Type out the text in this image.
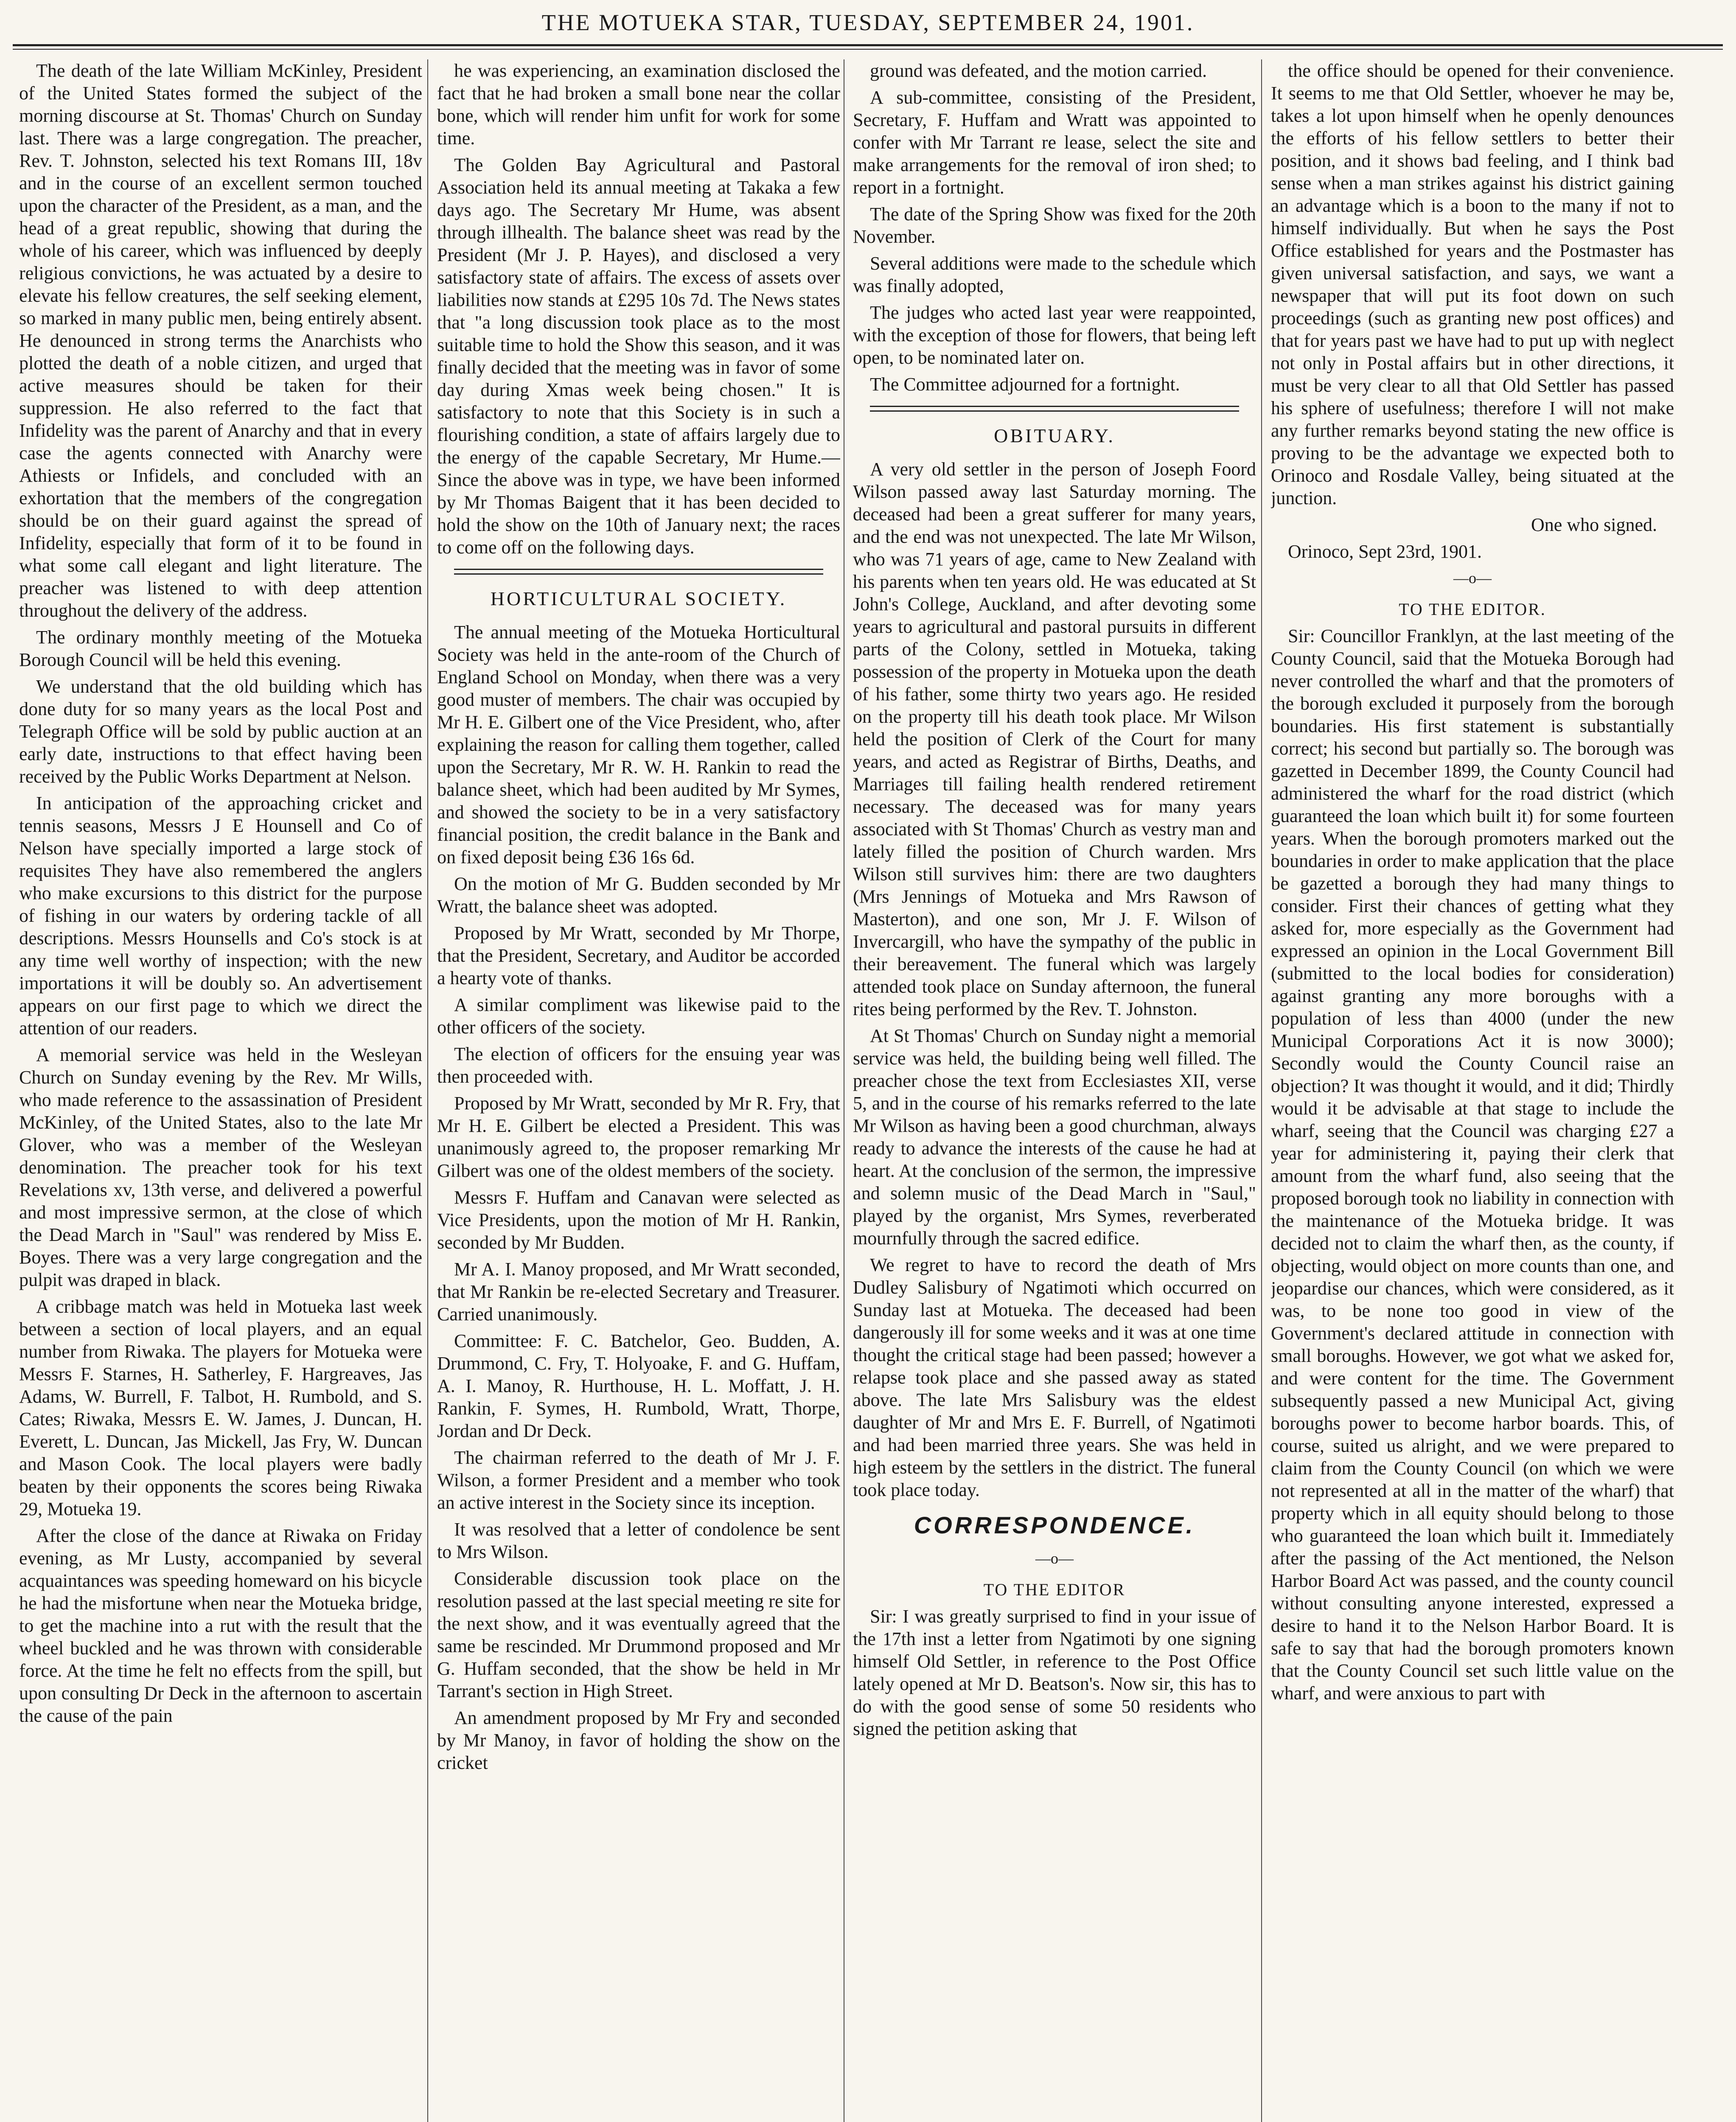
THE MOTUEKA STAR, TUESDAY, SEPTEMBER 24, 1901.

The death of the late William McKinley, President of the United States formed the subject of the morning discourse at St. Thomas' Church on Sunday last. There was a large congregation. The preacher, Rev. T. Johnston, selected his text Romans III, 18v and in the course of an excellent sermon touched upon the character of the President, as a man, and the head of a great republic, showing that during the whole of his career, which was influenced by deeply religious convictions, he was actuated by a desire to elevate his fellow creatures, the self seeking element, so marked in many public men, being entirely absent. He denounced in strong terms the Anarchists who plotted the death of a noble citizen, and urged that active measures should be taken for their suppression. He also referred to the fact that Infidelity was the parent of Anarchy and that in every case the agents connected with Anarchy were Athiests or Infidels, and concluded with an exhortation that the members of the congregation should be on their guard against the spread of Infidelity, especially that form of it to be found in what some call elegant and light literature. The preacher was listened to with deep attention throughout the delivery of the address.

The ordinary monthly meeting of the Motueka Borough Council will be held this evening.

We understand that the old building which has done duty for so many years as the local Post and Telegraph Office will be sold by public auction at an early date, instructions to that effect having been received by the Public Works Department at Nelson.

In anticipation of the approaching cricket and tennis seasons, Messrs J E Hounsell and Co of Nelson have specially imported a large stock of requisites They have also remembered the anglers who make excursions to this district for the purpose of fishing in our waters by ordering tackle of all descriptions. Messrs Hounsells and Co's stock is at any time well worthy of inspection; with the new importations it will be doubly so. An advertisement appears on our first page to which we direct the attention of our readers.

A memorial service was held in the Wesleyan Church on Sunday evening by the Rev. Mr Wills, who made reference to the assassination of President McKinley, of the United States, also to the late Mr Glover, who was a member of the Wesleyan denomination. The preacher took for his text Revelations xv, 13th verse, and delivered a powerful and most impressive sermon, at the close of which the Dead March in "Saul" was rendered by Miss E. Boyes. There was a very large congregation and the pulpit was draped in black.

A cribbage match was held in Motueka last week between a section of local players, and an equal number from Riwaka. The players for Motueka were Messrs F. Starnes, H. Satherley, F. Hargreaves, Jas Adams, W. Burrell, F. Talbot, H. Rumbold, and S. Cates; Riwaka, Messrs E. W. James, J. Duncan, H. Everett, L. Duncan, Jas Mickell, Jas Fry, W. Duncan and Mason Cook. The local players were badly beaten by their opponents the scores being Riwaka 29, Motueka 19.

After the close of the dance at Riwaka on Friday evening, as Mr Lusty, accompanied by several acquaintances was speeding homeward on his bicycle he had the misfortune when near the Motueka bridge, to get the machine into a rut with the result that the wheel buckled and he was thrown with considerable force. At the time he felt no effects from the spill, but upon consulting Dr Deck in the afternoon to ascertain the cause of the pain

he was experiencing, an examination disclosed the fact that he had broken a small bone near the collar bone, which will render him unfit for work for some time.

The Golden Bay Agricultural and Pastoral Association held its annual meeting at Takaka a few days ago. The Secretary Mr Hume, was absent through illhealth. The balance sheet was read by the President (Mr J. P. Hayes), and disclosed a very satisfactory state of affairs. The excess of assets over liabilities now stands at £295 10s 7d. The News states that "a long discussion took place as to the most suitable time to hold the Show this season, and it was finally decided that the meeting was in favor of some day during Xmas week being chosen." It is satisfactory to note that this Society is in such a flourishing condition, a state of affairs largely due to the energy of the capable Secretary, Mr Hume.— Since the above was in type, we have been informed by Mr Thomas Baigent that it has been decided to hold the show on the 10th of January next; the races to come off on the following days.

HORTICULTURAL SOCIETY.

The annual meeting of the Motueka Horticultural Society was held in the ante-room of the Church of England School on Monday, when there was a very good muster of members. The chair was occupied by Mr H. E. Gilbert one of the Vice President, who, after explaining the reason for calling them together, called upon the Secretary, Mr R. W. H. Rankin to read the balance sheet, which had been audited by Mr Symes, and showed the society to be in a very satisfactory financial position, the credit balance in the Bank and on fixed deposit being £36 16s 6d.

On the motion of Mr G. Budden seconded by Mr Wratt, the balance sheet was adopted.

Proposed by Mr Wratt, seconded by Mr Thorpe, that the President, Secretary, and Auditor be accorded a hearty vote of thanks.

A similar compliment was likewise paid to the other officers of the society.

The election of officers for the ensuing year was then proceeded with.

Proposed by Mr Wratt, seconded by Mr R. Fry, that Mr H. E. Gilbert be elected a President. This was unanimously agreed to, the proposer remarking Mr Gilbert was one of the oldest members of the society.

Messrs F. Huffam and Canavan were selected as Vice Presidents, upon the motion of Mr H. Rankin, seconded by Mr Budden.

Mr A. I. Manoy proposed, and Mr Wratt seconded, that Mr Rankin be re-elected Secretary and Treasurer. Carried unanimously.

Committee: F. C. Batchelor, Geo. Budden, A. Drummond, C. Fry, T. Holyoake, F. and G. Huffam, A. I. Manoy, R. Hurthouse, H. L. Moffatt, J. H. Rankin, F. Symes, H. Rumbold, Wratt, Thorpe, Jordan and Dr Deck.

The chairman referred to the death of Mr J. F. Wilson, a former President and a member who took an active interest in the Society since its inception.

It was resolved that a letter of condolence be sent to Mrs Wilson.

Considerable discussion took place on the resolution passed at the last special meeting re site for the next show, and it was eventually agreed that the same be rescinded. Mr Drummond proposed and Mr G. Huffam seconded, that the show be held in Mr Tarrant's section in High Street.

An amendment proposed by Mr Fry and seconded by Mr Manoy, in favor of holding the show on the cricket

ground was defeated, and the motion carried.

A sub-committee, consisting of the President, Secretary, F. Huffam and Wratt was appointed to confer with Mr Tarrant re lease, select the site and make arrangements for the removal of iron shed; to report in a fortnight.

The date of the Spring Show was fixed for the 20th November.

Several additions were made to the schedule which was finally adopted,

The judges who acted last year were reappointed, with the exception of those for flowers, that being left open, to be nominated later on.

The Committee adjourned for a fortnight.

OBITUARY.

A very old settler in the person of Joseph Foord Wilson passed away last Saturday morning. The deceased had been a great sufferer for many years, and the end was not unexpected. The late Mr Wilson, who was 71 years of age, came to New Zealand with his parents when ten years old. He was educated at St John's College, Auckland, and after devoting some years to agricultural and pastoral pursuits in different parts of the Colony, settled in Motueka, taking possession of the property in Motueka upon the death of his father, some thirty two years ago. He resided on the property till his death took place. Mr Wilson held the position of Clerk of the Court for many years, and acted as Registrar of Births, Deaths, and Marriages till failing health rendered retirement necessary. The deceased was for many years associated with St Thomas' Church as vestry man and lately filled the position of Church warden. Mrs Wilson still survives him: there are two daughters (Mrs Jennings of Motueka and Mrs Rawson of Masterton), and one son, Mr J. F. Wilson of Invercargill, who have the sympathy of the public in their bereavement. The funeral which was largely attended took place on Sunday afternoon, the funeral rites being performed by the Rev. T. Johnston.

At St Thomas' Church on Sunday night a memorial service was held, the building being well filled. The preacher chose the text from Ecclesiastes XII, verse 5, and in the course of his remarks referred to the late Mr Wilson as having been a good churchman, always ready to advance the interests of the cause he had at heart. At the conclusion of the sermon, the impressive and solemn music of the Dead March in "Saul," played by the organist, Mrs Symes, reverberated mournfully through the sacred edifice.

We regret to have to record the death of Mrs Dudley Salisbury of Ngatimoti which occurred on Sunday last at Motueka. The deceased had been dangerously ill for some weeks and it was at one time thought the critical stage had been passed; however a relapse took place and she passed away as stated above. The late Mrs Salisbury was the eldest daughter of Mr and Mrs E. F. Burrell, of Ngatimoti and had been married three years. She was held in high esteem by the settlers in the district. The funeral took place today.

CORRESPONDENCE.
—o—
TO THE EDITOR

Sir: I was greatly surprised to find in your issue of the 17th inst a letter from Ngatimoti by one signing himself Old Settler, in reference to the Post Office lately opened at Mr D. Beatson's. Now sir, this has to do with the good sense of some 50 residents who signed the petition asking that

the office should be opened for their convenience. It seems to me that Old Settler, whoever he may be, takes a lot upon himself when he openly denounces the efforts of his fellow settlers to better their position, and it shows bad feeling, and I think bad sense when a man strikes against his district gaining an advantage which is a boon to the many if not to himself individually. But when he says the Post Office established for years and the Postmaster has given universal satisfaction, and says, we want a newspaper that will put its foot down on such proceedings (such as granting new post offices) and that for years past we have had to put up with neglect not only in Postal affairs but in other directions, it must be very clear to all that Old Settler has passed his sphere of usefulness; therefore I will not make any further remarks beyond stating the new office is proving to be the advantage we expected both to Orinoco and Rosdale Valley, being situated at the junction.

One who signed.
Orinoco, Sept 23rd, 1901.
—o—
TO THE EDITOR.

Sir: Councillor Franklyn, at the last meeting of the County Council, said that the Motueka Borough had never controlled the wharf and that the promoters of the borough excluded it purposely from the borough boundaries. His first statement is substantially correct; his second but partially so. The borough was gazetted in December 1899, the County Council had administered the wharf for the road district (which guaranteed the loan which built it) for some fourteen years. When the borough promoters marked out the boundaries in order to make application that the place be gazetted a borough they had many things to consider. First their chances of getting what they asked for, more especially as the Government had expressed an opinion in the Local Government Bill (submitted to the local bodies for consideration) against granting any more boroughs with a population of less than 4000 (under the new Municipal Corporations Act it is now 3000); Secondly would the County Council raise an objection? It was thought it would, and it did; Thirdly would it be advisable at that stage to include the wharf, seeing that the Council was charging £27 a year for administering it, paying their clerk that amount from the wharf fund, also seeing that the proposed borough took no liability in connection with the maintenance of the Motueka bridge. It was decided not to claim the wharf then, as the county, if objecting, would object on more counts than one, and jeopardise our chances, which were considered, as it was, to be none too good in view of the Government's declared attitude in connection with small boroughs. However, we got what we asked for, and were content for the time. The Government subsequently passed a new Municipal Act, giving boroughs power to become harbor boards. This, of course, suited us alright, and we were prepared to claim from the County Council (on which we were not represented at all in the matter of the wharf) that property which in all equity should belong to those who guaranteed the loan which built it. Immediately after the passing of the Act mentioned, the Nelson Harbor Board Act was passed, and the county council without consulting anyone interested, expressed a desire to hand it to the Nelson Harbor Board. It is safe to say that had the borough promoters known that the County Council set such little value on the wharf, and were anxious to part with
